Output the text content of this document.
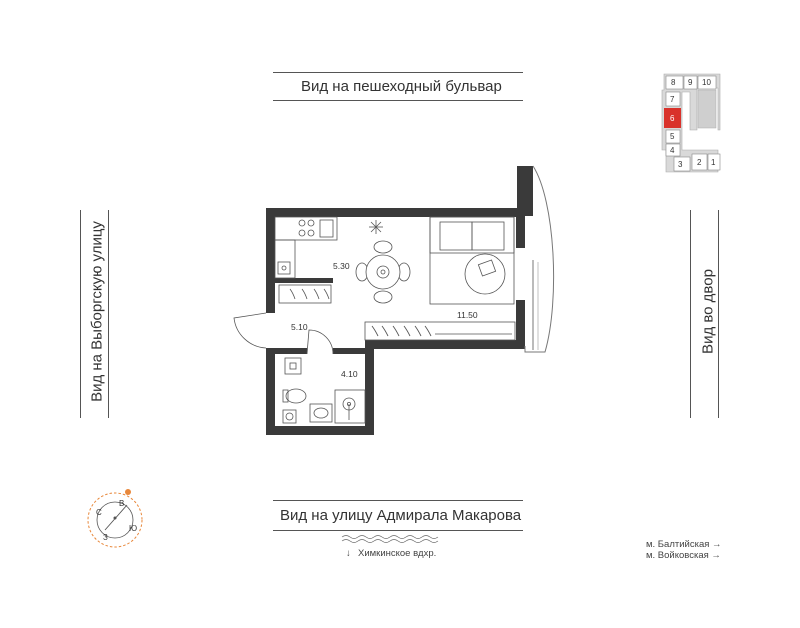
Вид на пешеходный бульвар
Вид на улицу Адмирала Макарова
Вид на Выборгскую улицу	Вид во двор
↓ Химкинское вдхр.
м. Балтийская →
м. Войковская →
5.30
5.10
11.50
4.10
8 9 10
7
6
5
4
3 2 1
С
В
Ю
З
